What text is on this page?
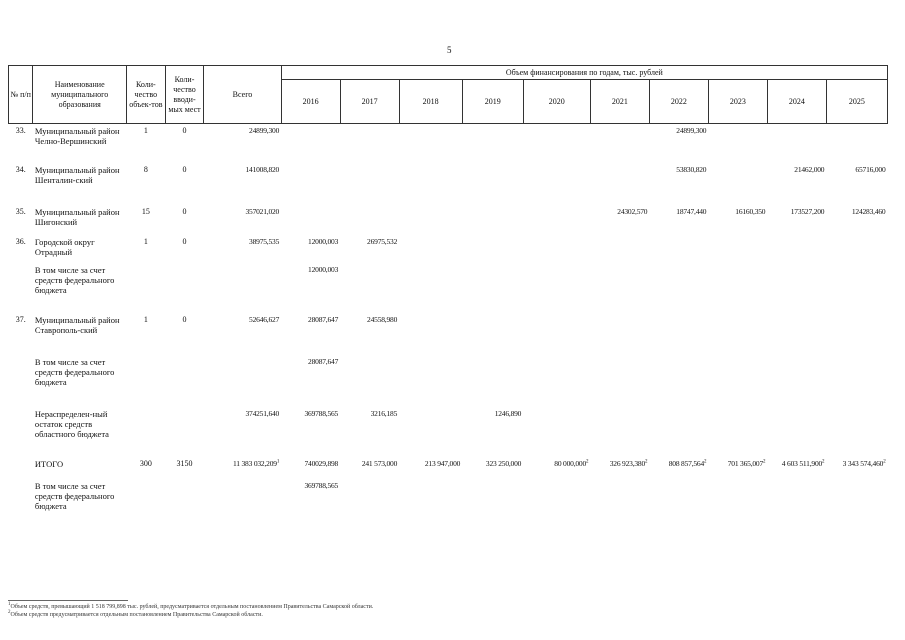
5
№ п/п	Наименование муниципального образования	Коли-чество объек-тов	Коли-чество вводи-мых мест	Всего	Объем финансирования по годам, тыс. рублей									
					2016	2017	2018	2019	2020	2021	2022	2023	2024	2025
33.	Муниципальный район Челно-Вершинский	1	0	24899,300							24899,300			
34.	Муниципальный район Шенталин-ский	8	0	141008,820							53830,820		21462,000	65716,000
35.	Муниципальный район Шигонский	15	0	357021,020						24302,570	18747,440	16160,350	173527,200	124283,460
36.	Городской округ Отрадный	1	0	38975,535	12000,003	26975,532								
	В том числе за счет средств федерального бюджета				12000,003									
37.	Муниципальный район Ставрополь-ский	1	0	52646,627	28087,647	24558,980								
	В том числе за счет средств федерального бюджета				28087,647									
	Нераспределен-ный остаток средств областного бюджета			374251,640	369788,565	3216,185		1246,890						
	ИТОГО	300	3150	11 383 032,209$^1$	740029,898	241 573,000	213 947,000	323 250,000	80 000,000$^2$	326 923,380$^2$	808 857,564$^2$	701 365,007$^2$	4 603 511,900$^2$	3 343 574,460$^2$
	В том числе за счет средств федерального бюджета				369788,565									
$^1$Объем средств, превышающий 1 518 799,898 тыс. рублей, предусматривается отдельным постановлением Правительства Самарской области.
$^2$Объем средств предусматривается отдельным постановлением Правительства Самарской области.
